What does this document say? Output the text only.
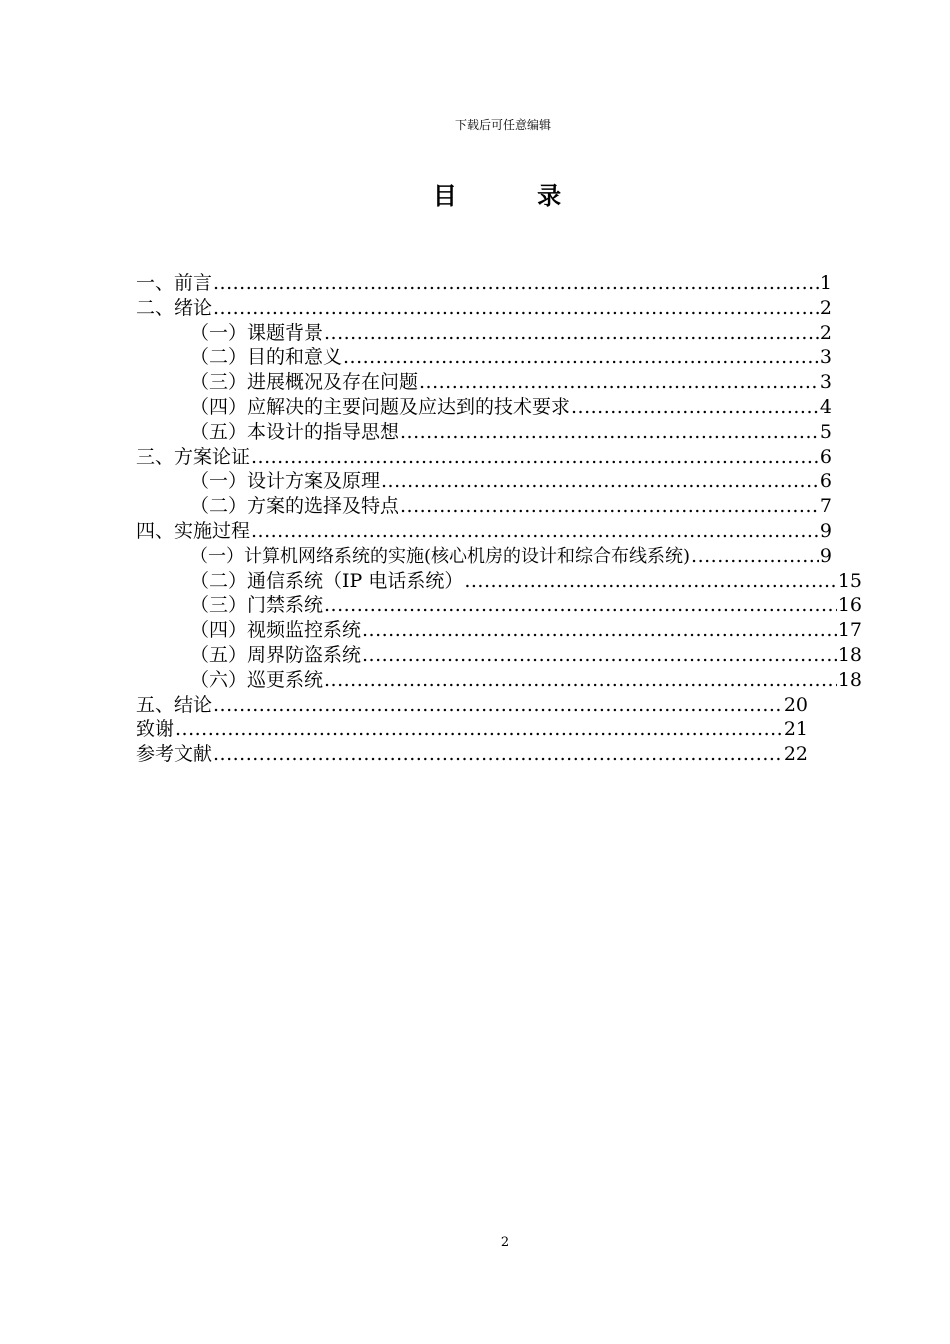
下载后可任意编辑
目 录
一、前言 .....	1
二、绪论 .....	2
（一）课题背景 .....	2
（二）目的和意义 .....	3
（三）进展概况及存在问题 .....	3
（四）应解决的主要问题及应达到的技术要求 .....	4
（五）本设计的指导思想 .....	5
三、方案论证 .....	6
（一）设计方案及原理 .....	6
（二）方案的选择及特点 .....	7
四、实施过程 .....	9
（一）计算机网络系统的实施(核心机房的设计和综合布线系统) .....	9
（二）通信系统（IP 电话系统） .....	15
（三）门禁系统 .....	16
（四）视频监控系统 .....	17
（五）周界防盗系统 .....	18
（六）巡更系统 .....	18
五、结论 .....	20
致谢 .....	21
参考文献 .....	22
2
